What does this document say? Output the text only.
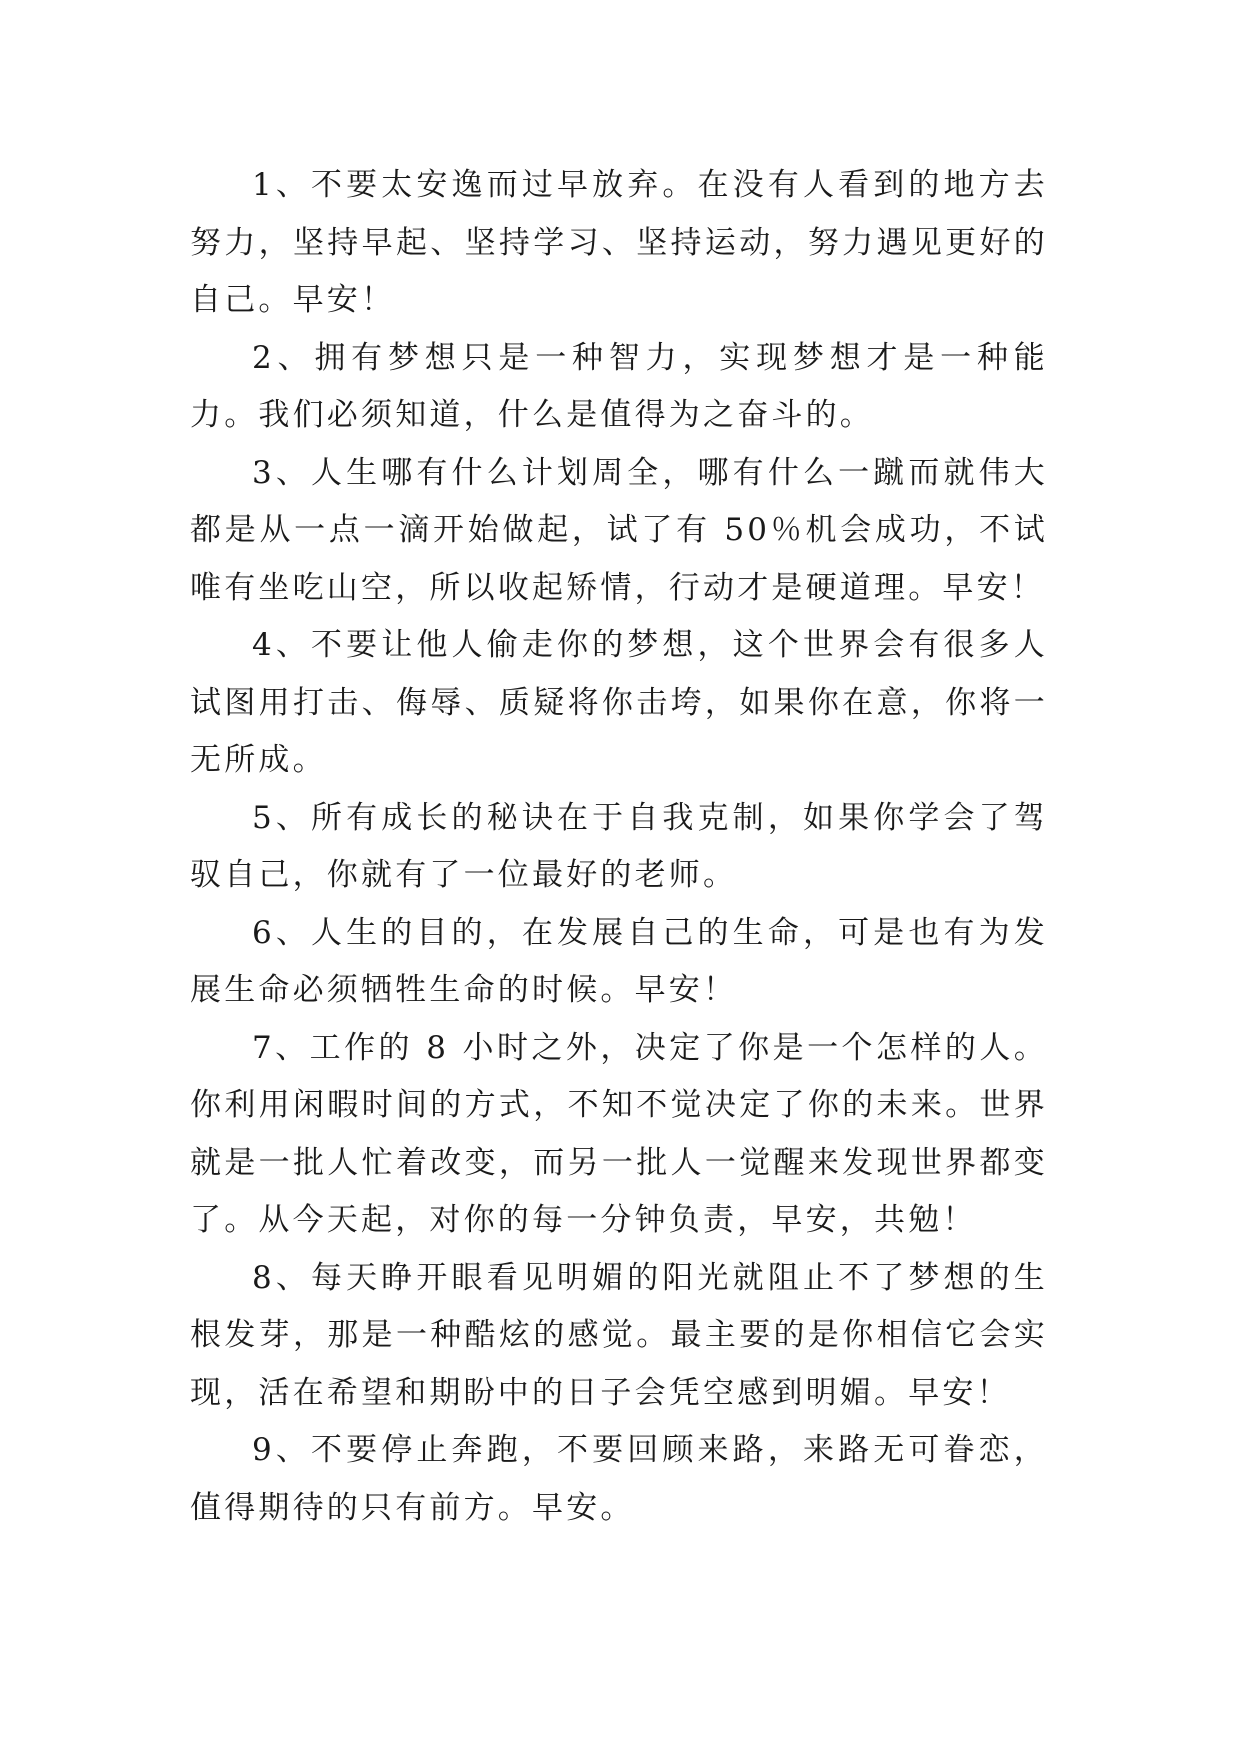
1、不要太安逸而过早放弃。在没有人看到的地方去努力，坚持早起、坚持学习、坚持运动，努力遇见更好的自己。早安！

2、拥有梦想只是一种智力，实现梦想才是一种能力。我们必须知道，什么是值得为之奋斗的。

3、人生哪有什么计划周全，哪有什么一蹴而就伟大都是从一点一滴开始做起，试了有 50％机会成功，不试唯有坐吃山空，所以收起矫情，行动才是硬道理。早安！

4、不要让他人偷走你的梦想，这个世界会有很多人试图用打击、侮辱、质疑将你击垮，如果你在意，你将一无所成。

5、所有成长的秘诀在于自我克制，如果你学会了驾驭自己，你就有了一位最好的老师。

6、人生的目的，在发展自己的生命，可是也有为发展生命必须牺牲生命的时候。早安！

7、工作的 8 小时之外，决定了你是一个怎样的人。你利用闲暇时间的方式，不知不觉决定了你的未来。世界就是一批人忙着改变，而另一批人一觉醒来发现世界都变了。从今天起，对你的每一分钟负责，早安，共勉！

8、每天睁开眼看见明媚的阳光就阻止不了梦想的生根发芽，那是一种酷炫的感觉。最主要的是你相信它会实现，活在希望和期盼中的日子会凭空感到明媚。早安！

9、不要停止奔跑，不要回顾来路，来路无可眷恋，值得期待的只有前方。早安。
